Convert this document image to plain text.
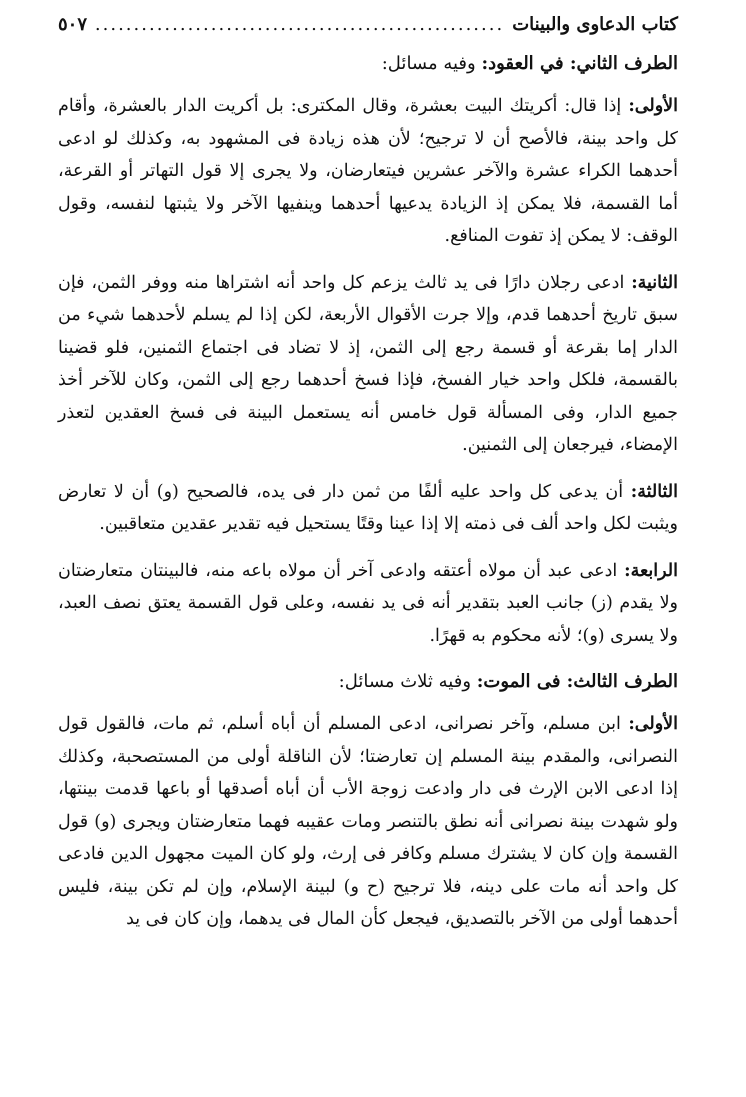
كتاب الدعاوى والبينات
.....
٥٠٧

الطرف الثاني: في العقود: وفيه مسائل:

الأولى: إذا قال: أكريتك البيت بعشرة، وقال المكترى: بل أكريت الدار بالعشرة، وأقام كل واحد بينة، فالأصح أن لا ترجيح؛ لأن هذه زيادة فى المشهود به، وكذلك لو ادعى أحدهما الكراء عشرة والآخر عشرين فيتعارضان، ولا يجرى إلا قول التهاتر أو القرعة، أما القسمة، فلا يمكن إذ الزيادة يدعيها أحدهما وينفيها الآخر ولا يثبتها لنفسه، وقول الوقف: لا يمكن إذ تفوت المنافع.

الثانية: ادعى رجلان دارًا فى يد ثالث يزعم كل واحد أنه اشتراها منه ووفر الثمن، فإن سبق تاريخ أحدهما قدم، وإلا جرت الأقوال الأربعة، لكن إذا لم يسلم لأحدهما شيء من الدار إما بقرعة أو قسمة رجع إلى الثمن، إذ لا تضاد فى اجتماع الثمنين، فلو قضينا بالقسمة، فلكل واحد خيار الفسخ، فإذا فسخ أحدهما رجع إلى الثمن، وكان للآخر أخذ جميع الدار، وفى المسألة قول خامس أنه يستعمل البينة فى فسخ العقدين لتعذر الإمضاء، فيرجعان إلى الثمنين.

الثالثة: أن يدعى كل واحد عليه ألفًا من ثمن دار فى يده، فالصحيح (و) أن لا تعارض ويثبت لكل واحد ألف فى ذمته إلا إذا عينا وقتًا يستحيل فيه تقدير عقدين متعاقبين.

الرابعة: ادعى عبد أن مولاه أعتقه وادعى آخر أن مولاه باعه منه، فالبينتان متعارضتان ولا يقدم (ز) جانب العبد بتقدير أنه فى يد نفسه، وعلى قول القسمة يعتق نصف العبد، ولا يسرى (و)؛ لأنه محكوم به قهرًا.

الطرف الثالث: فى الموت: وفيه ثلاث مسائل:

الأولى: ابن مسلم، وآخر نصرانى، ادعى المسلم أن أباه أسلم، ثم مات، فالقول قول النصرانى، والمقدم بينة المسلم إن تعارضتا؛ لأن الناقلة أولى من المستصحبة، وكذلك إذا ادعى الابن الإرث فى دار وادعت زوجة الأب أن أباه أصدقها أو باعها قدمت بينتها، ولو شهدت بينة نصرانى أنه نطق بالتنصر ومات عقيبه فهما متعارضتان ويجرى (و) قول القسمة وإن كان لا يشترك مسلم وكافر فى إرث، ولو كان الميت مجهول الدين فادعى كل واحد أنه مات على دينه، فلا ترجيح (ح و) لبينة الإسلام، وإن لم تكن بينة، فليس أحدهما أولى من الآخر بالتصديق، فيجعل كأن المال فى يدهما، وإن كان فى يد
